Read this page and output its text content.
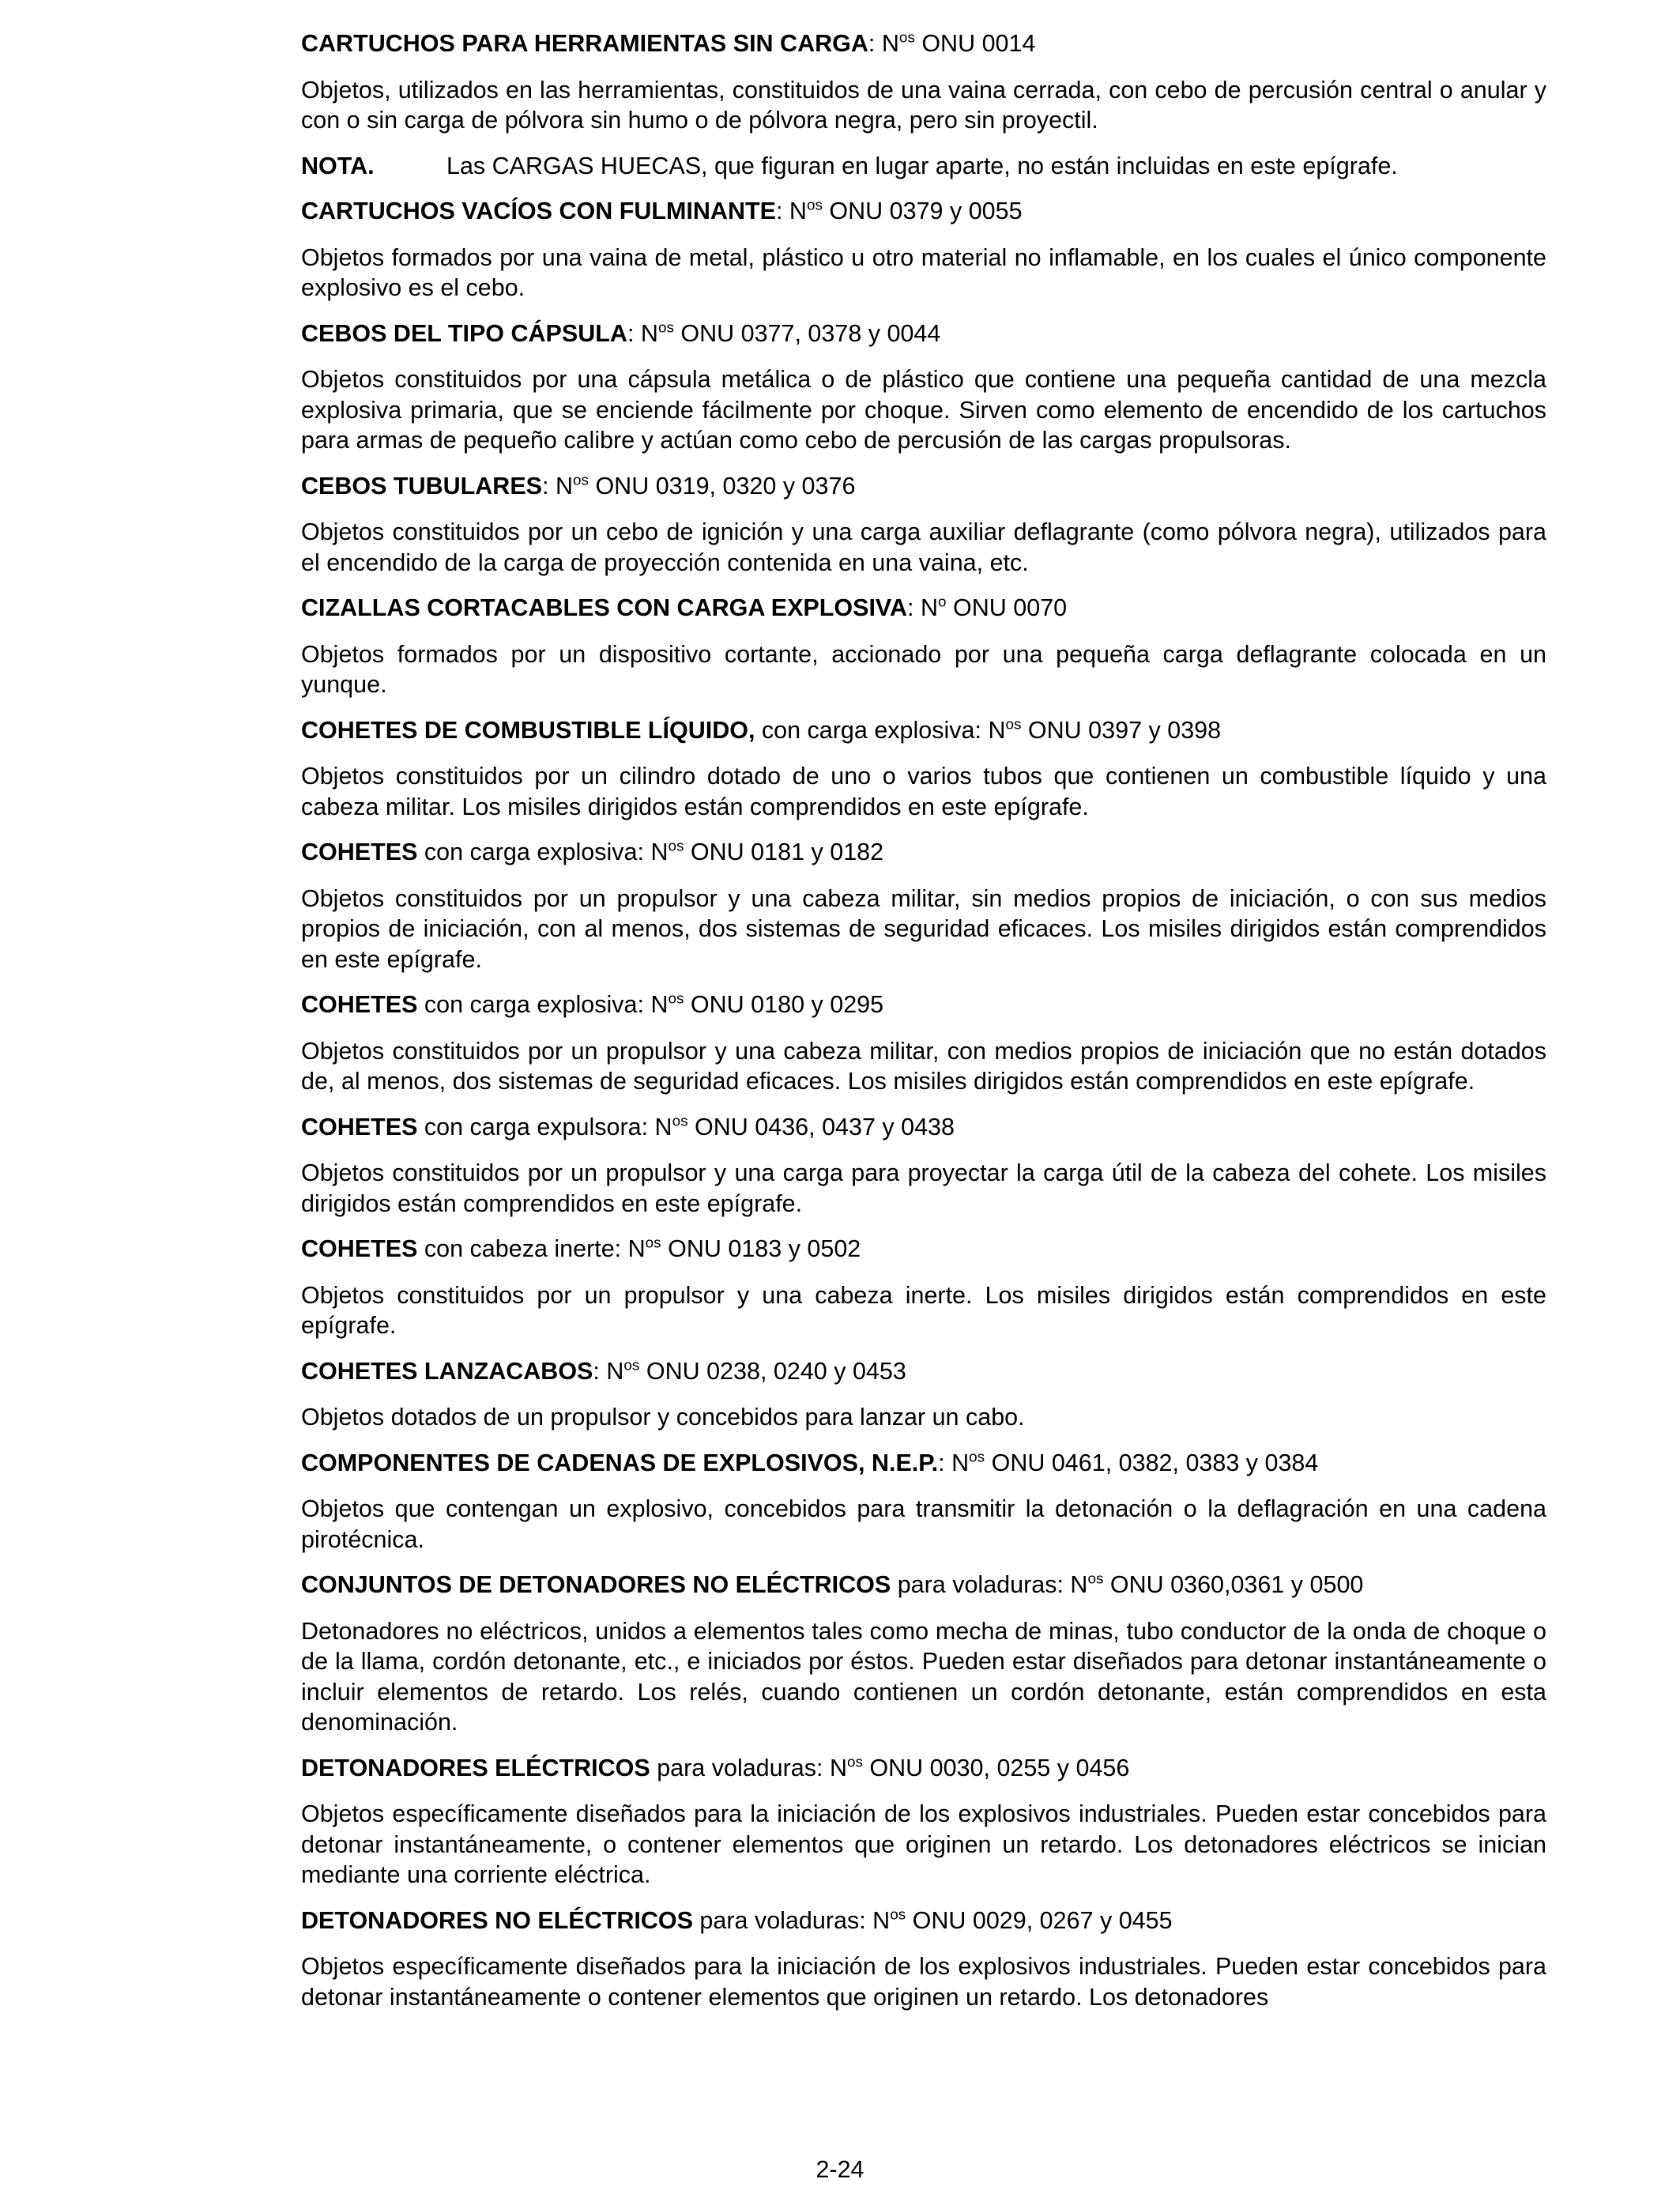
CARTUCHOS PARA HERRAMIENTAS SIN CARGA: $N^{os}$ ONU 0014

Objetos, utilizados en las herramientas, constituidos de una vaina cerrada, con cebo de percusión central o anular y con o sin carga de pólvora sin humo o de pólvora negra, pero sin proyectil.

NOTA.	Las CARGAS HUECAS, que figuran en lugar aparte, no están incluidas en este epígrafe.

CARTUCHOS VACÍOS CON FULMINANTE: $N^{os}$ ONU 0379 y 0055

Objetos formados por una vaina de metal, plástico u otro material no inflamable, en los cuales el único componente explosivo es el cebo.

CEBOS DEL TIPO CÁPSULA: $N^{os}$ ONU 0377, 0378 y 0044

Objetos constituidos por una cápsula metálica o de plástico que contiene una pequeña cantidad de una mezcla explosiva primaria, que se enciende fácilmente por choque. Sirven como elemento de encendido de los cartuchos para armas de pequeño calibre y actúan como cebo de percusión de las cargas propulsoras.

CEBOS TUBULARES: $N^{os}$ ONU 0319, 0320 y 0376

Objetos constituidos por un cebo de ignición y una carga auxiliar deflagrante (como pólvora negra), utilizados para el encendido de la carga de proyección contenida en una vaina, etc.

CIZALLAS CORTACABLES CON CARGA EXPLOSIVA: $N^o$ ONU 0070

Objetos formados por un dispositivo cortante, accionado por una pequeña carga deflagrante colocada en un yunque.

COHETES DE COMBUSTIBLE LÍQUIDO, con carga explosiva: $N^{os}$ ONU 0397 y 0398

Objetos constituidos por un cilindro dotado de uno o varios tubos que contienen un combustible líquido y una cabeza militar. Los misiles dirigidos están comprendidos en este epígrafe.

COHETES con carga explosiva: $N^{os}$ ONU 0181 y 0182

Objetos constituidos por un propulsor y una cabeza militar, sin medios propios de iniciación, o con sus medios propios de iniciación, con al menos, dos sistemas de seguridad eficaces. Los misiles dirigidos están comprendidos en este epígrafe.

COHETES con carga explosiva: $N^{os}$ ONU 0180 y 0295

Objetos constituidos por un propulsor y una cabeza militar, con medios propios de iniciación que no están dotados de, al menos, dos sistemas de seguridad eficaces. Los misiles dirigidos están comprendidos en este epígrafe.

COHETES con carga expulsora: $N^{os}$ ONU 0436, 0437 y 0438

Objetos constituidos por un propulsor y una carga para proyectar la carga útil de la cabeza del cohete. Los misiles dirigidos están comprendidos en este epígrafe.

COHETES con cabeza inerte: $N^{os}$ ONU 0183 y 0502

Objetos constituidos por un propulsor y una cabeza inerte. Los misiles dirigidos están comprendidos en este epígrafe.

COHETES LANZACABOS: $N^{os}$ ONU 0238, 0240 y 0453

Objetos dotados de un propulsor y concebidos para lanzar un cabo.

COMPONENTES DE CADENAS DE EXPLOSIVOS, N.E.P.: $N^{os}$ ONU 0461, 0382, 0383 y 0384

Objetos que contengan un explosivo, concebidos para transmitir la detonación o la deflagración en una cadena pirotécnica.

CONJUNTOS DE DETONADORES NO ELÉCTRICOS para voladuras: $N^{os}$ ONU 0360,0361 y 0500

Detonadores no eléctricos, unidos a elementos tales como mecha de minas, tubo conductor de la onda de choque o de la llama, cordón detonante, etc., e iniciados por éstos. Pueden estar diseñados para detonar instantáneamente o incluir elementos de retardo. Los relés, cuando contienen un cordón detonante, están comprendidos en esta denominación.

DETONADORES ELÉCTRICOS para voladuras: $N^{os}$ ONU 0030, 0255 y 0456

Objetos específicamente diseñados para la iniciación de los explosivos industriales. Pueden estar concebidos para detonar instantáneamente, o contener elementos que originen un retardo. Los detonadores eléctricos se inician mediante una corriente eléctrica.

DETONADORES NO ELÉCTRICOS para voladuras: $N^{os}$ ONU 0029, 0267 y 0455

Objetos específicamente diseñados para la iniciación de los explosivos industriales. Pueden estar concebidos para detonar instantáneamente o contener elementos que originen un retardo. Los detonadores

2-24
